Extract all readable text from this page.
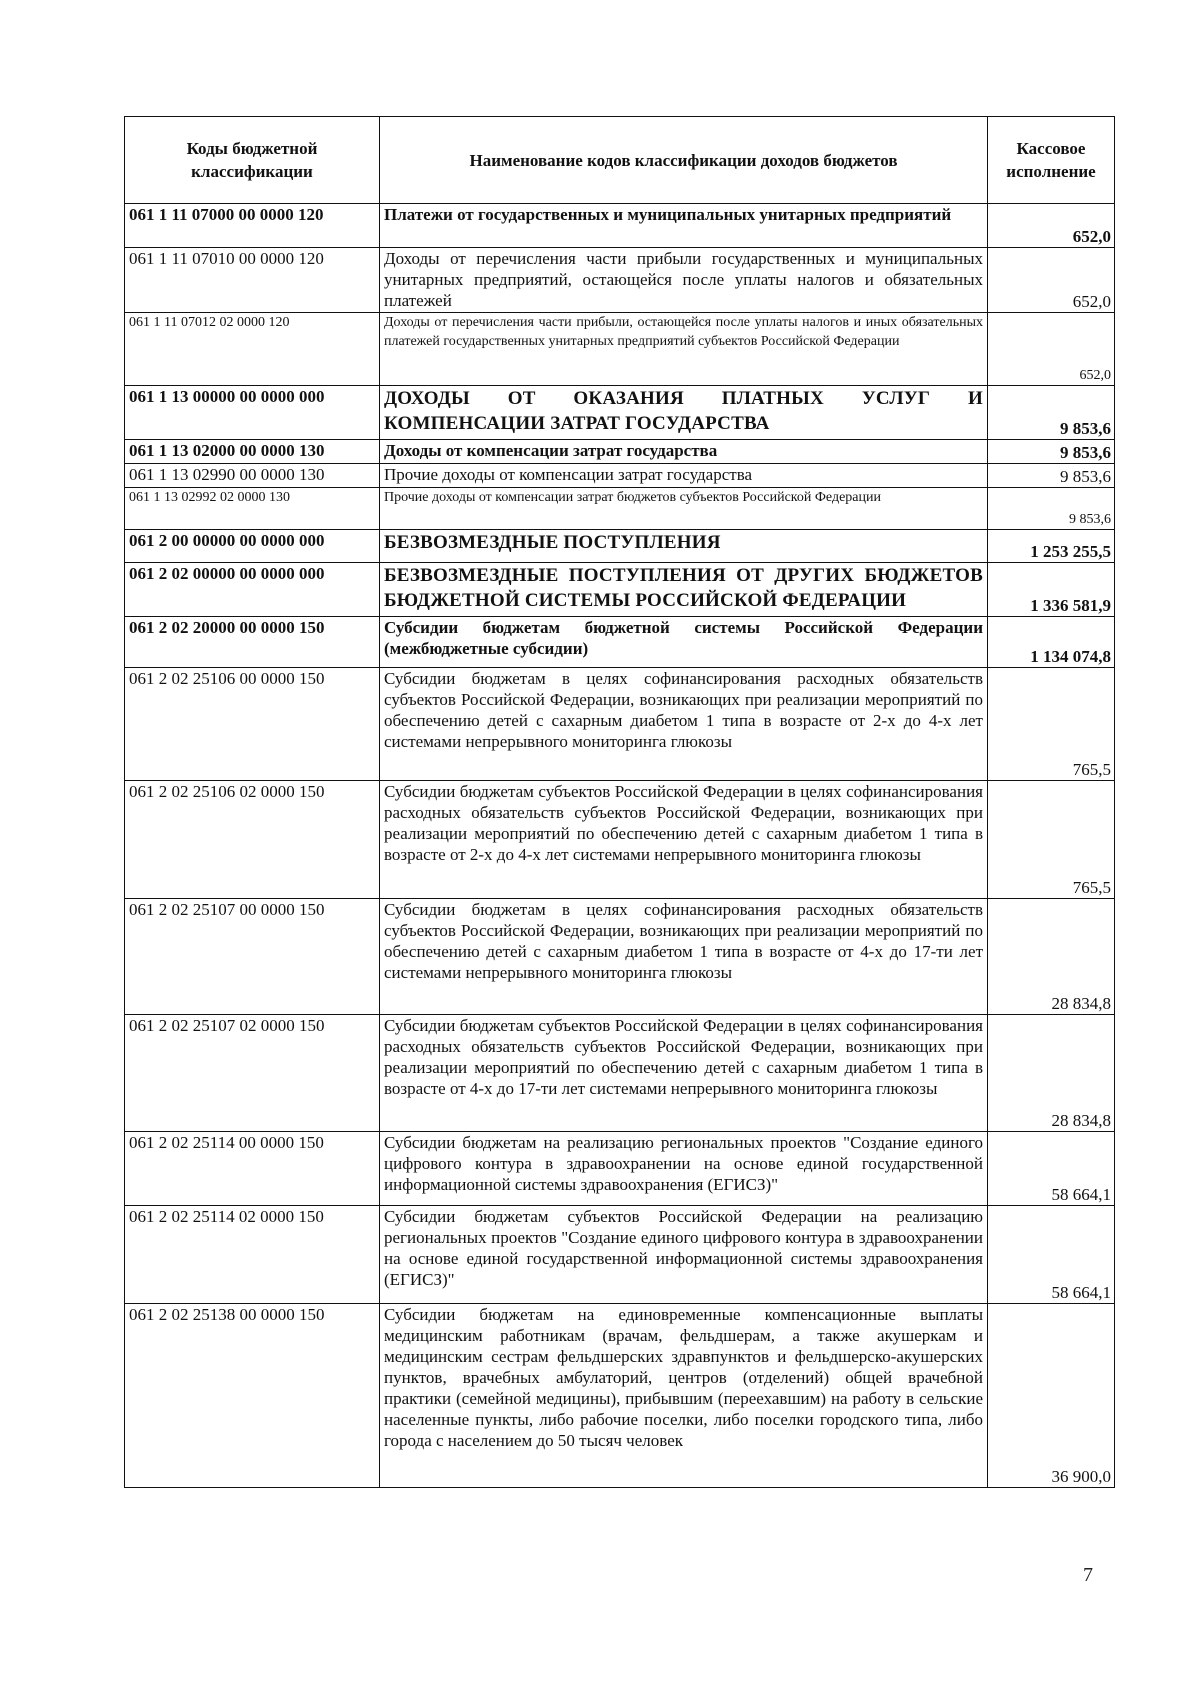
Коды бюджетной классификации	Наименование кодов классификации доходов бюджетов	Кассовое исполнение
061 1 11 07000 00 0000 120	Платежи от государственных и муниципальных унитарных предприятий	652,0
061 1 11 07010 00 0000 120	Доходы от перечисления части прибыли государственных и муниципальных унитарных предприятий, остающейся после уплаты налогов и обязательных платежей	652,0
061 1 11 07012 02 0000 120	Доходы от перечисления части прибыли, остающейся после уплаты налогов и иных обязательных платежей государственных унитарных предприятий субъектов Российской Федерации	652,0
061 1 13 00000 00 0000 000	ДОХОДЫ ОТ ОКАЗАНИЯ ПЛАТНЫХ УСЛУГ И КОМПЕНСАЦИИ ЗАТРАТ ГОСУДАРСТВА	9 853,6
061 1 13 02000 00 0000 130	Доходы от компенсации затрат государства	9 853,6
061 1 13 02990 00 0000 130	Прочие доходы от компенсации затрат государства	9 853,6
061 1 13 02992 02 0000 130	Прочие доходы от компенсации затрат бюджетов субъектов Российской Федерации	9 853,6
061 2 00 00000 00 0000 000	БЕЗВОЗМЕЗДНЫЕ ПОСТУПЛЕНИЯ	1 253 255,5
061 2 02 00000 00 0000 000	БЕЗВОЗМЕЗДНЫЕ ПОСТУПЛЕНИЯ ОТ ДРУГИХ БЮДЖЕТОВ БЮДЖЕТНОЙ СИСТЕМЫ РОССИЙСКОЙ ФЕДЕРАЦИИ	1 336 581,9
061 2 02 20000 00 0000 150	Субсидии бюджетам бюджетной системы Российской Федерации (межбюджетные субсидии)	1 134 074,8
061 2 02 25106 00 0000 150	Субсидии бюджетам в целях софинансирования расходных обязательств субъектов Российской Федерации, возникающих при реализации мероприятий по обеспечению детей с сахарным диабетом 1 типа в возрасте от 2-х до 4-х лет системами непрерывного мониторинга глюкозы	765,5
061 2 02 25106 02 0000 150	Субсидии бюджетам субъектов Российской Федерации в целях софинансирования расходных обязательств субъектов Российской Федерации, возникающих при реализации мероприятий по обеспечению детей с сахарным диабетом 1 типа в возрасте от 2-х до 4-х лет системами непрерывного мониторинга глюкозы	765,5
061 2 02 25107 00 0000 150	Субсидии бюджетам в целях софинансирования расходных обязательств субъектов Российской Федерации, возникающих при реализации мероприятий по обеспечению детей с сахарным диабетом 1 типа в возрасте от 4-х до 17-ти лет системами непрерывного мониторинга глюкозы	28 834,8
061 2 02 25107 02 0000 150	Субсидии бюджетам субъектов Российской Федерации в целях софинансирования расходных обязательств субъектов Российской Федерации, возникающих при реализации мероприятий по обеспечению детей с сахарным диабетом 1 типа в возрасте от 4-х до 17-ти лет системами непрерывного мониторинга глюкозы	28 834,8
061 2 02 25114 00 0000 150	Субсидии бюджетам на реализацию региональных проектов "Создание единого цифрового контура в здравоохранении на основе единой государственной информационной системы здравоохранения (ЕГИСЗ)"	58 664,1
061 2 02 25114 02 0000 150	Субсидии бюджетам субъектов Российской Федерации на реализацию региональных проектов "Создание единого цифрового контура в здравоохранении на основе единой государственной информационной системы здравоохранения (ЕГИСЗ)"	58 664,1
061 2 02 25138 00 0000 150	Субсидии бюджетам на единовременные компенсационные выплаты медицинским работникам (врачам, фельдшерам, а также акушеркам и медицинским сестрам фельдшерских здравпунктов и фельдшерско-акушерских пунктов, врачебных амбулаторий, центров (отделений) общей врачебной практики (семейной медицины), прибывшим (переехавшим) на работу в сельские населенные пункты, либо рабочие поселки, либо поселки городского типа, либо города с населением до 50 тысяч человек	36 900,0
7
